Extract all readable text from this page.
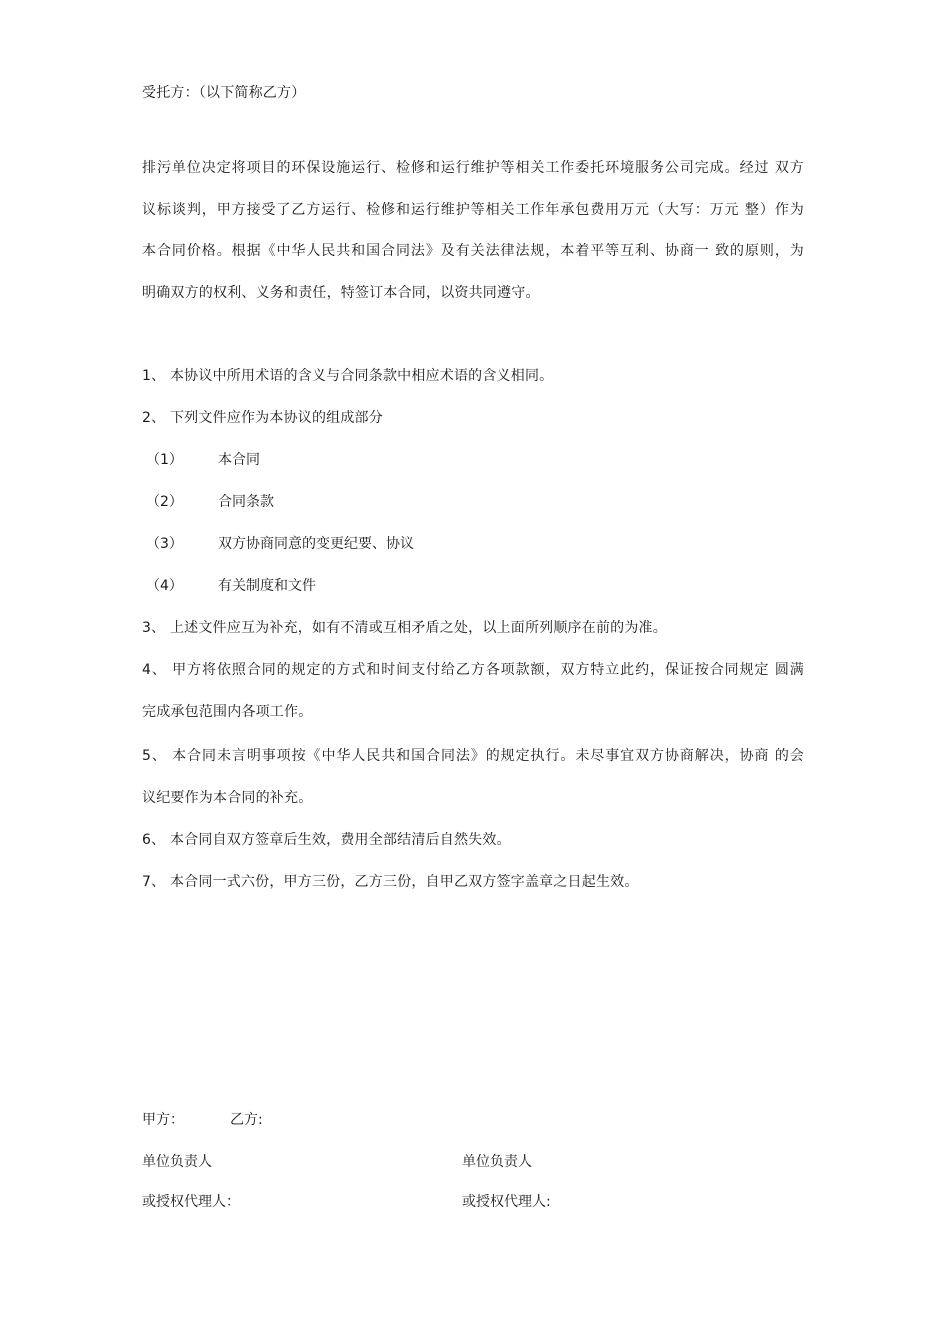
受托方：（以下简称乙方）
排污单位决定将项目的环保设施运行、检修和运行维护等相关工作委托环境服务公司完成。经过 双方
议标谈判，甲方接受了乙方运行、检修和运行维护等相关工作年承包费用万元（大写：万元 整）作为
本合同价格。根据《中华人民共和国合同法》及有关法律法规，本着平等互利、协商一 致的原则，为
明确双方的权利、义务和责任，特签订本合同，以资共同遵守。
1、 本协议中所用术语的含义与合同条款中相应术语的含义相同。
2、 下列文件应作为本协议的组成部分
（1）	本合同
（2）	合同条款
（3）	双方协商同意的变更纪要、协议
（4）	有关制度和文件
3、 上述文件应互为补充，如有不清或互相矛盾之处，以上面所列顺序在前的为准。
4、 甲方将依照合同的规定的方式和时间支付给乙方各项款额，双方特立此约，保证按合同规定 圆满
完成承包范围内各项工作。
5、 本合同未言明事项按《中华人民共和国合同法》的规定执行。未尽事宜双方协商解决，协商 的会
议纪要作为本合同的补充。
6、 本合同自双方签章后生效，费用全部结清后自然失效。
7、 本合同一式六份，甲方三份，乙方三份，自甲乙双方签字盖章之日起生效。
甲方：	乙方:
单位负责人	单位负责人
或授权代理人：	或授权代理人:
